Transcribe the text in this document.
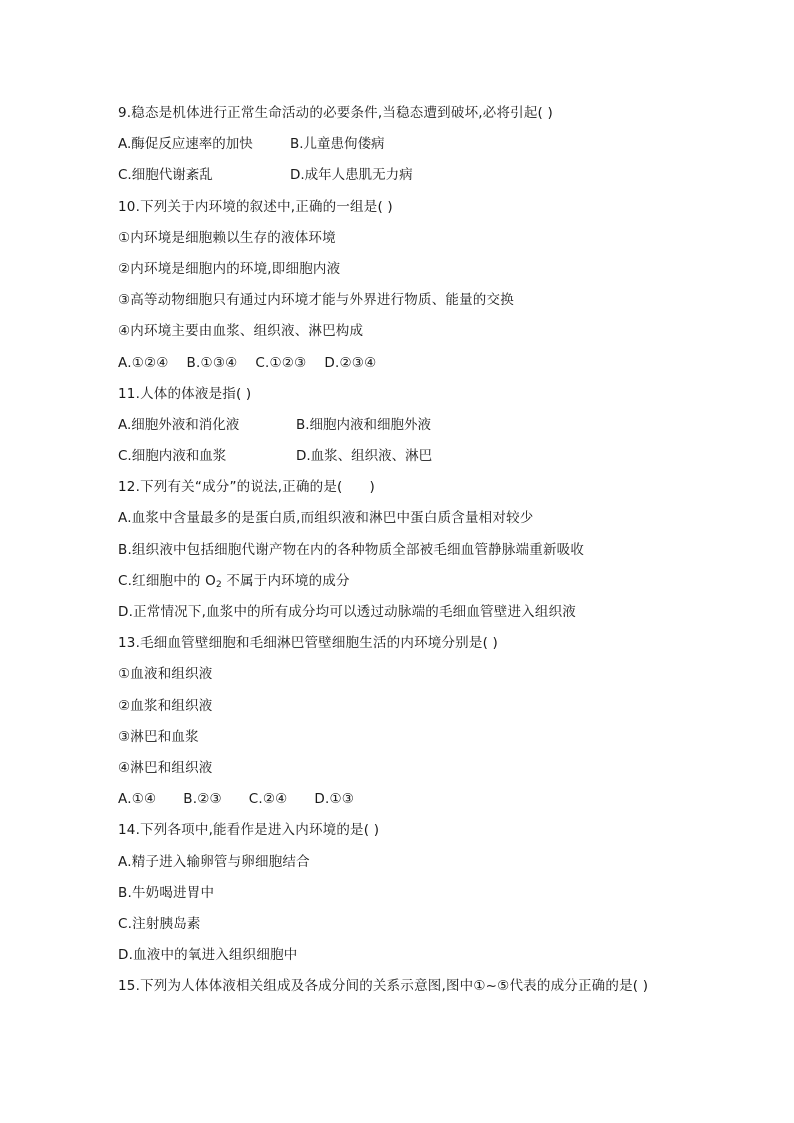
9.稳态是机体进行正常生命活动的必要条件,当稳态遭到破坏,必将引起( )
A.酶促反应速率的加快	B.儿童患佝偻病
C.细胞代谢紊乱	D.成年人患肌无力病
10.下列关于内环境的叙述中,正确的一组是( )
①内环境是细胞赖以生存的液体环境
②内环境是细胞内的环境,即细胞内液
③高等动物细胞只有通过内环境才能与外界进行物质、能量的交换
④内环境主要由血浆、组织液、淋巴构成
A.①②④    B.①③④    C.①②③    D.②③④
11.人体的体液是指( )
A.细胞外液和消化液	B.细胞内液和细胞外液
C.细胞内液和血浆	D.血浆、组织液、淋巴
12.下列有关“成分”的说法,正确的是(      )
A.血浆中含量最多的是蛋白质,而组织液和淋巴中蛋白质含量相对较少
B.组织液中包括细胞代谢产物在内的各种物质全部被毛细血管静脉端重新吸收
C.红细胞中的 $O_2$ 不属于内环境的成分
D.正常情况下,血浆中的所有成分均可以透过动脉端的毛细血管壁进入组织液
13.毛细血管壁细胞和毛细淋巴管壁细胞生活的内环境分别是( )
①血液和组织液
②血浆和组织液
③淋巴和血浆
④淋巴和组织液
A.①④      B.②③      C.②④      D.①③
14.下列各项中,能看作是进入内环境的是( )
A.精子进入输卵管与卵细胞结合
B.牛奶喝进胃中
C.注射胰岛素
D.血液中的氧进入组织细胞中
15.下列为人体体液相关组成及各成分间的关系示意图,图中①~⑤代表的成分正确的是( )
